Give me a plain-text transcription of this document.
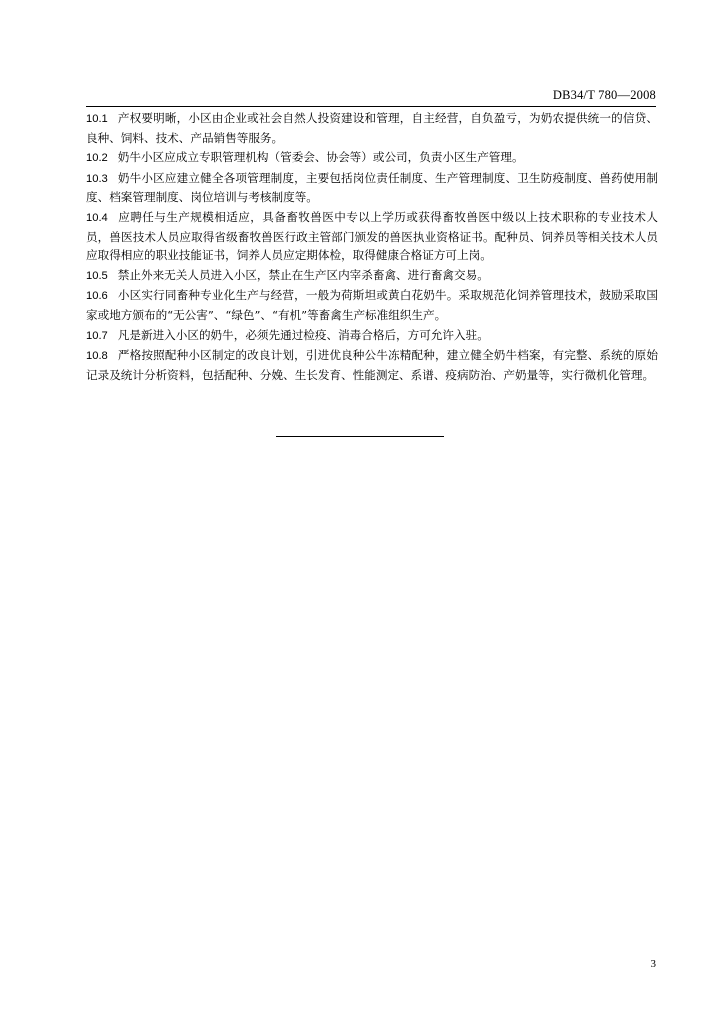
DB34/T 780—2008

10.1 产权要明晰，小区由企业或社会自然人投资建设和管理，自主经营，自负盈亏，为奶农提供统一的信贷、良种、饲料、技术、产品销售等服务。

10.2 奶牛小区应成立专职管理机构（管委会、协会等）或公司，负责小区生产管理。

10.3 奶牛小区应建立健全各项管理制度，主要包括岗位责任制度、生产管理制度、卫生防疫制度、兽药使用制度、档案管理制度、岗位培训与考核制度等。

10.4 应聘任与生产规模相适应，具备畜牧兽医中专以上学历或获得畜牧兽医中级以上技术职称的专业技术人员，兽医技术人员应取得省级畜牧兽医行政主管部门颁发的兽医执业资格证书。配种员、饲养员等相关技术人员应取得相应的职业技能证书，饲养人员应定期体检，取得健康合格证方可上岗。

10.5 禁止外来无关人员进入小区，禁止在生产区内宰杀畜禽、进行畜禽交易。

10.6 小区实行同畜种专业化生产与经营，一般为荷斯坦或黄白花奶牛。采取规范化饲养管理技术，鼓励采取国家或地方颁布的“无公害”、“绿色”、“有机”等畜禽生产标准组织生产。

10.7 凡是新进入小区的奶牛，必须先通过检疫、消毒合格后，方可允许入驻。

10.8 严格按照配种小区制定的改良计划，引进优良种公牛冻精配种，建立健全奶牛档案，有完整、系统的原始记录及统计分析资料，包括配种、分娩、生长发育、性能测定、系谱、疫病防治、产奶量等，实行微机化管理。

3
